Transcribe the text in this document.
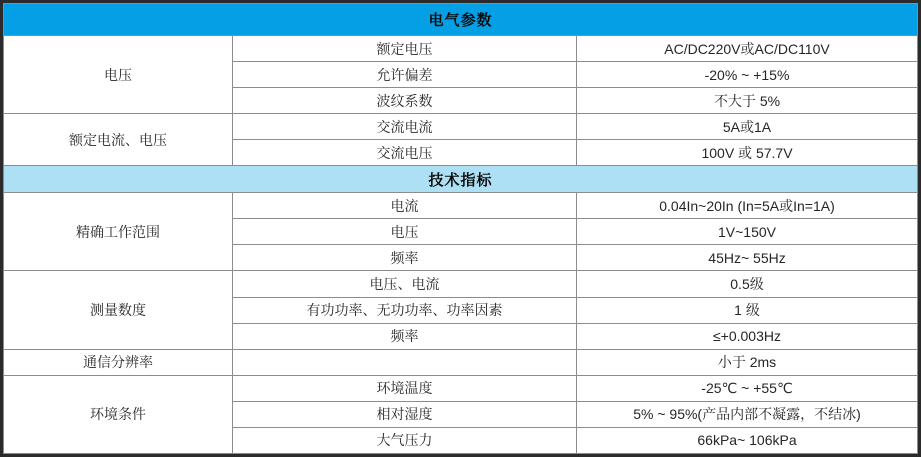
电气参数		
电压	额定电压	AC/DC220V或AC/DC110V
	允许偏差	-20% ~ +15%
	波纹系数	不大于 5%
额定电流、电压	交流电流	5A或1A
	交流电压	100V 或 57.7V
技术指标		
精确工作范围	电流	0.04In~20In (In=5A或In=1A)
	电压	1V~150V
	频率	45Hz~ 55Hz
测量数度	电压、电流	0.5级
	有功功率、无功功率、功率因素	1 级
	频率	≤+0.003Hz
通信分辨率		小于 2ms
环境条件	环境温度	-25℃ ~ +55℃
	相对湿度	5% ~ 95%(产品内部不凝露，不结冰)
	大气压力	66kPa~ 106kPa
